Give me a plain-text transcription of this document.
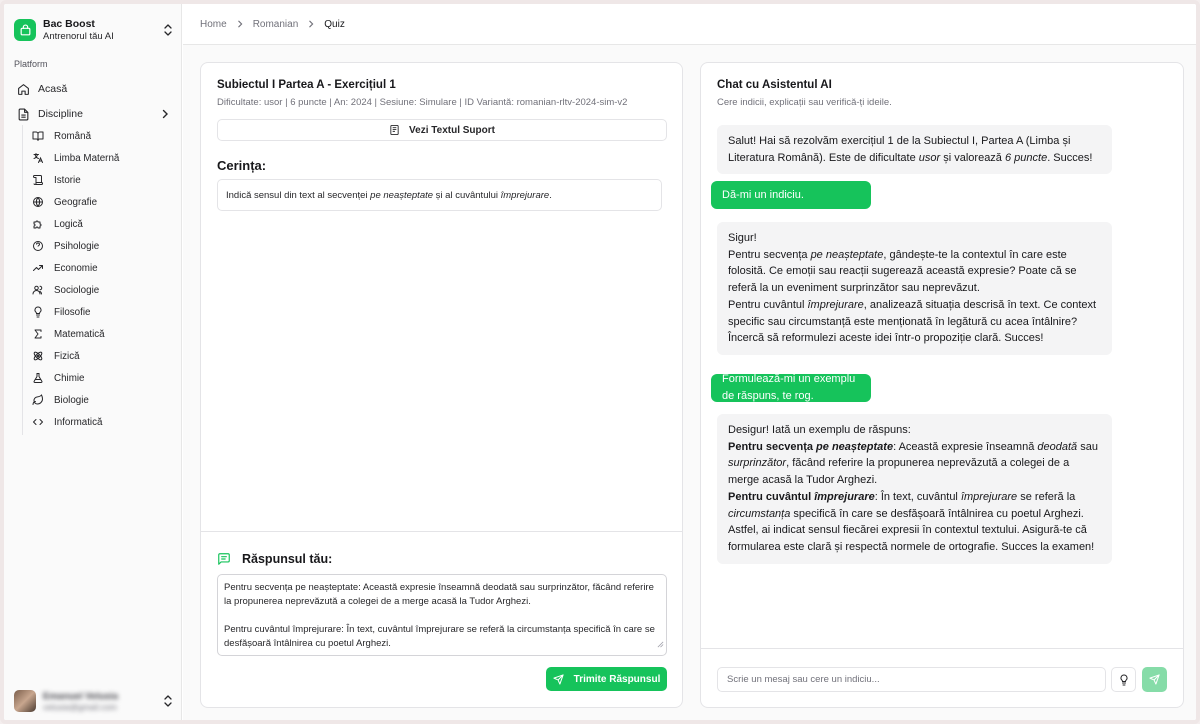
Bac Boost
Antrenorul tău AI
Platform
Acasă
Discipline
Română
Limba Maternă
Istorie
Geografie
Logică
Psihologie
Economie
Sociologie
Filosofie
Matematică
Fizică
Chimie
Biologie
Informatică
Emanuel Velusia
velusia@gmail.com
Home	Romanian	Quiz
Subiectul I Partea A - Exercițiul 1
Dificultate: usor | 6 puncte | An: 2024 | Sesiune: Simulare | ID Variantă: romanian-rltv-2024-sim-v2
Vezi Textul Suport
Cerința:
Indică sensul din text al secvenței pe neașteptate și al cuvântului împrejurare.
Răspunsul tău:

Pentru secvența pe neașteptate: Această expresie înseamnă deodată sau surprinzător, făcând referire la propunerea neprevăzută a colegei de a merge acasă la Tudor Arghezi.

Pentru cuvântul împrejurare: În text, cuvântul împrejurare se referă la circumstanța specifică în care se desfășoară întâlnirea cu poetul Arghezi.

Trimite Răspunsul
Chat cu Asistentul AI
Cere indicii, explicații sau verifică-ți ideile.
Salut! Hai să rezolvăm exercițiul 1 de la Subiectul I, Partea A (Limba și Literatura Română). Este de dificultate usor și valorează 6 puncte. Succes!
Dă-mi un indiciu.
Sigur!
Pentru secvența pe neașteptate, gândește-te la contextul în care este folosită. Ce emoții sau reacții sugerează această expresie? Poate că se referă la un eveniment surprinzător sau neprevăzut.
Pentru cuvântul împrejurare, analizează situația descrisă în text. Ce context specific sau circumstanță este menționată în legătură cu acea întâlnire?
Încercă să reformulezi aceste idei într-o propoziție clară. Succes!
Formulează-mi un exemplu de răspuns, te rog.
Desigur! Iată un exemplu de răspuns:
Pentru secvența pe neașteptate: Această expresie înseamnă deodată sau surprinzător, făcând referire la propunerea neprevăzută a colegei de a merge acasă la Tudor Arghezi.
Pentru cuvântul împrejurare: În text, cuvântul împrejurare se referă la circumstanța specifică în care se desfășoară întâlnirea cu poetul Arghezi.
Astfel, ai indicat sensul fiecărei expresii în contextul textului. Asigură-te că formularea este clară și respectă normele de ortografie. Succes la examen!
Scrie un mesaj sau cere un indiciu...
